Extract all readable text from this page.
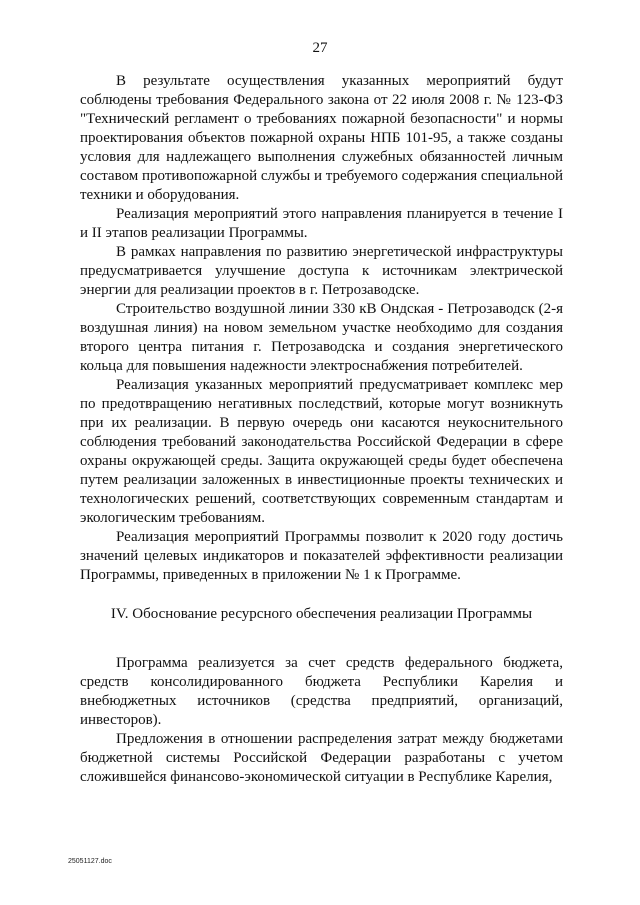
27

В результате осуществления указанных мероприятий будут соблюдены требования Федерального закона от 22 июля 2008 г. № 123-ФЗ "Технический регламент о требованиях пожарной безопасности" и нормы проектирования объектов пожарной охраны НПБ 101-95, а также созданы условия для надлежащего выполнения служебных обязанностей личным составом противопожарной службы и требуемого содержания специальной техники и оборудования.

Реализация мероприятий этого направления планируется в течение I и II этапов реализации Программы.

В рамках направления по развитию энергетической инфраструктуры предусматривается улучшение доступа к источникам электрической энергии для реализации проектов в г. Петрозаводске.

Строительство воздушной линии 330 кВ Ондская - Петрозаводск (2-я воздушная линия) на новом земельном участке необходимо для создания второго центра питания г. Петрозаводска и создания энергетического кольца для повышения надежности электроснабжения потребителей.

Реализация указанных мероприятий предусматривает комплекс мер по предотвращению негативных последствий, которые могут возникнуть при их реализации. В первую очередь они касаются неукоснительного соблюдения требований законодательства Российской Федерации в сфере охраны окружающей среды. Защита окружающей среды будет обеспечена путем реализации заложенных в инвестиционные проекты технических и технологических решений, соответствующих современным стандартам и экологическим требованиям.

Реализация мероприятий Программы позволит к 2020 году достичь значений целевых индикаторов и показателей эффективности реализации Программы, приведенных в приложении № 1 к Программе.

IV. Обоснование ресурсного обеспечения реализации Программы

Программа реализуется за счет средств федерального бюджета, средств консолидированного бюджета Республики Карелия и внебюджетных источников (средства предприятий, организаций, инвесторов).

Предложения в отношении распределения затрат между бюджетами бюджетной системы Российской Федерации разработаны с учетом сложившейся финансово-экономической ситуации в Республике Карелия,

25051127.doc
